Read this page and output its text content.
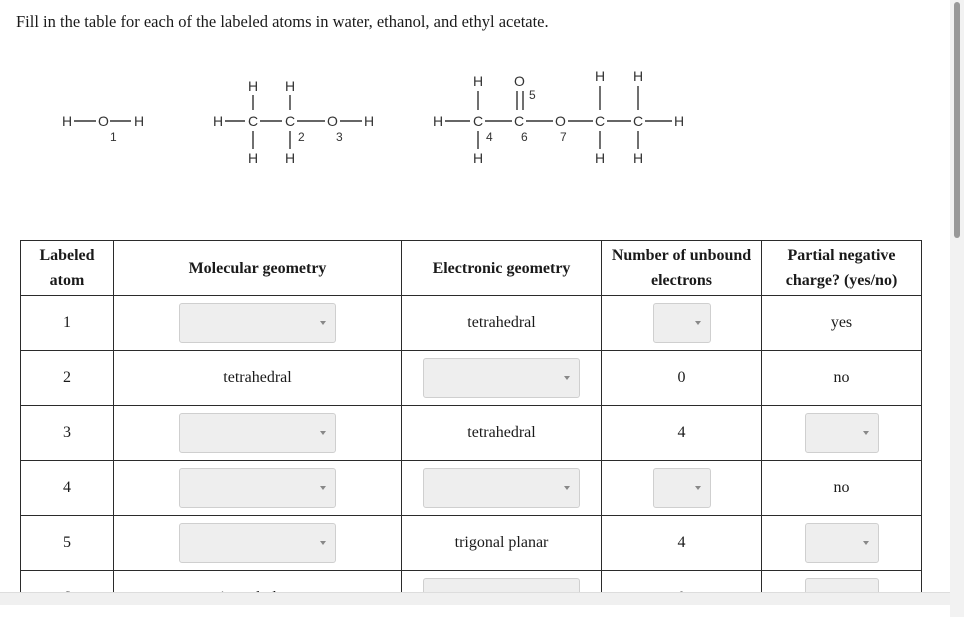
Fill in the table for each of the labeled atoms in water, ethanol, and ethyl acetate.
H O H
1
H H
H C C O H
H H
2	3
H
H C
O
C O
H
C
H
C H
H	H H
5
4 6	7
Labeled
atom	Molecular geometry	Electronic geometry	Number of unbound
electrons	Partial negative
charge? (yes/no)
1		tetrahedral		yes
2	tetrahedral		0	no
3		tetrahedral	4	

4				no
5		trigonal planar	4	
